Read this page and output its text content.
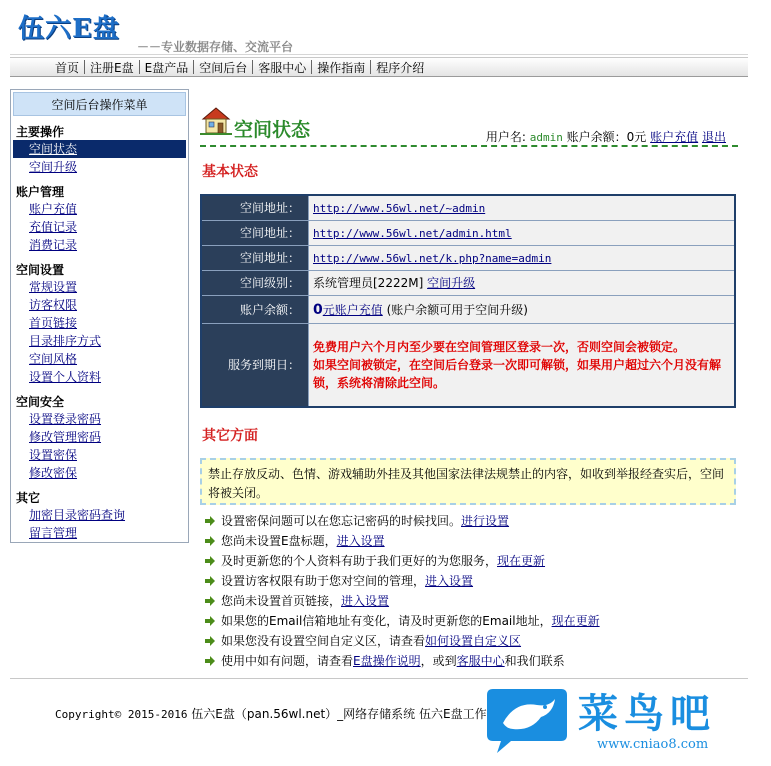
伍六E盘
－－专业数据存储、交流平台
首页 注册E盘 E盘产品 空间后台 客服中心 操作指南 程序介绍
空间后台操作菜单
主要操作
空间状态
空间升级
账户管理
账户充值
充值记录
消费记录
空间设置
常规设置
访客权限
首页链接
目录排序方式
空间风格
设置个人资料
空间安全
设置登录密码
修改管理密码
设置密保
修改密保
其它
加密目录密码查询
留言管理
空间状态	用户名: admin 账户余额：0元 账户充值 退出
基本状态
空间地址：	http://www.56wl.net/~admin
空间地址：	http://www.56wl.net/admin.html
空间地址：	http://www.56wl.net/k.php?name=admin
空间级别：	系统管理员[2222M] 空间升级
账户余额：	0元账户充值 (账户余额可用于空间升级)
服务到期日：	免费用户六个月内至少要在空间管理区登录一次，否则空间会被锁定。
如果空间被锁定，在空间后台登录一次即可解锁，如果用户超过六个月没有解锁，系统将清除此空间。
其它方面
禁止存放反动、色情、游戏辅助外挂及其他国家法律法规禁止的内容，如收到举报经查实后，空间将被关闭。
设置密保问题可以在您忘记密码的时候找回。 进行设置
您尚未设置E盘标题， 进入设置
及时更新您的个人资料有助于我们更好的为您服务， 现在更新
设置访客权限有助于您对空间的管理， 进入设置
您尚未设置首页链接， 进入设置
如果您的Email信箱地址有变化，请及时更新您的Email地址， 现在更新
如果您没有设置空间自定义区，请查看 如何设置自定义区
使用中如有问题，请查看 E盘操作说明 ，或到 客服中心 和我们联系
Copyright© 2015-2016 伍六E盘（pan.56wl.net）_网络存储系统 伍六E盘工作 菜鸟吧
www.cniao8.com
